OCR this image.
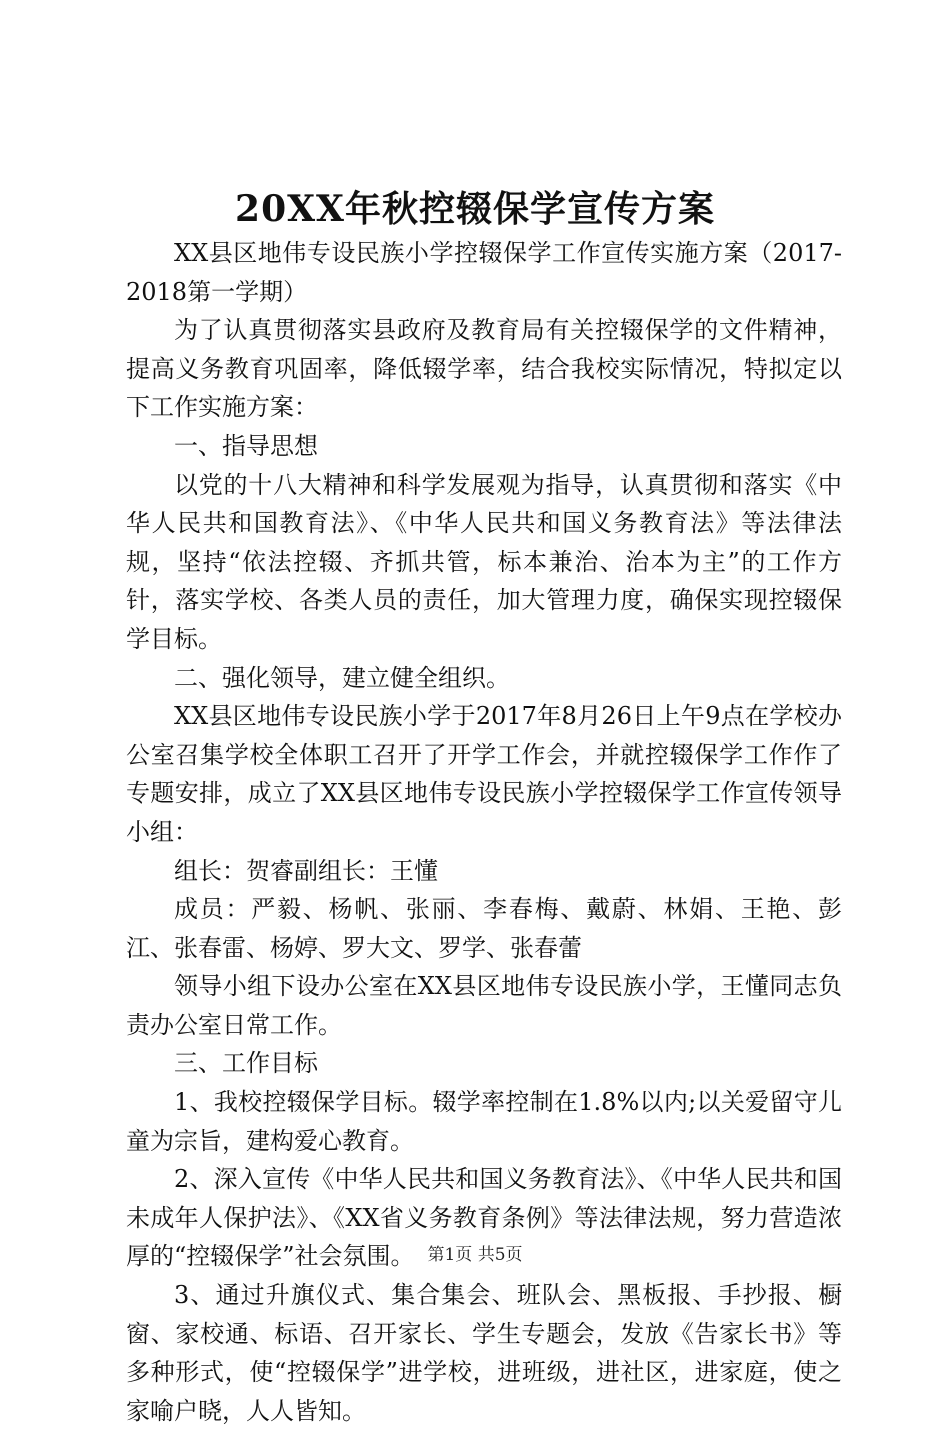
20XX年秋控辍保学宣传方案

XX县区地伟专设民族小学控辍保学工作宣传实施方案（2017-2018第一学期）

为了认真贯彻落实县政府及教育局有关控辍保学的文件精神，提高义务教育巩固率，降低辍学率，结合我校实际情况，特拟定以下工作实施方案：

一、指导思想

以党的十八大精神和科学发展观为指导，认真贯彻和落实《中华人民共和国教育法》、《中华人民共和国义务教育法》等法律法规，坚持“依法控辍、齐抓共管，标本兼治、治本为主”的工作方针，落实学校、各类人员的责任，加大管理力度，确保实现控辍保学目标。

二、强化领导，建立健全组织。

XX县区地伟专设民族小学于2017年8月26日上午9点在学校办公室召集学校全体职工召开了开学工作会，并就控辍保学工作作了专题安排，成立了XX县区地伟专设民族小学控辍保学工作宣传领导小组：

组长：贺睿副组长：王懂

成员：严毅、杨帆、张丽、李春梅、戴蔚、林娟、王艳、彭江、张春雷、杨婷、罗大文、罗学、张春蕾

领导小组下设办公室在XX县区地伟专设民族小学，王懂同志负责办公室日常工作。

三、工作目标

1、我校控辍保学目标。辍学率控制在1.8%以内;以关爱留守儿童为宗旨，建构爱心教育。

2、深入宣传《中华人民共和国义务教育法》、《中华人民共和国未成年人保护法》、《XX省义务教育条例》等法律法规，努力营造浓厚的“控辍保学”社会氛围。

3、通过升旗仪式、集合集会、班队会、黑板报、手抄报、橱窗、家校通、标语、召开家长、学生专题会，发放《告家长书》等多种形式，使“控辍保学”进学校，进班级，进社区，进家庭，使之家喻户晓，人人皆知。

第1页 共5页
